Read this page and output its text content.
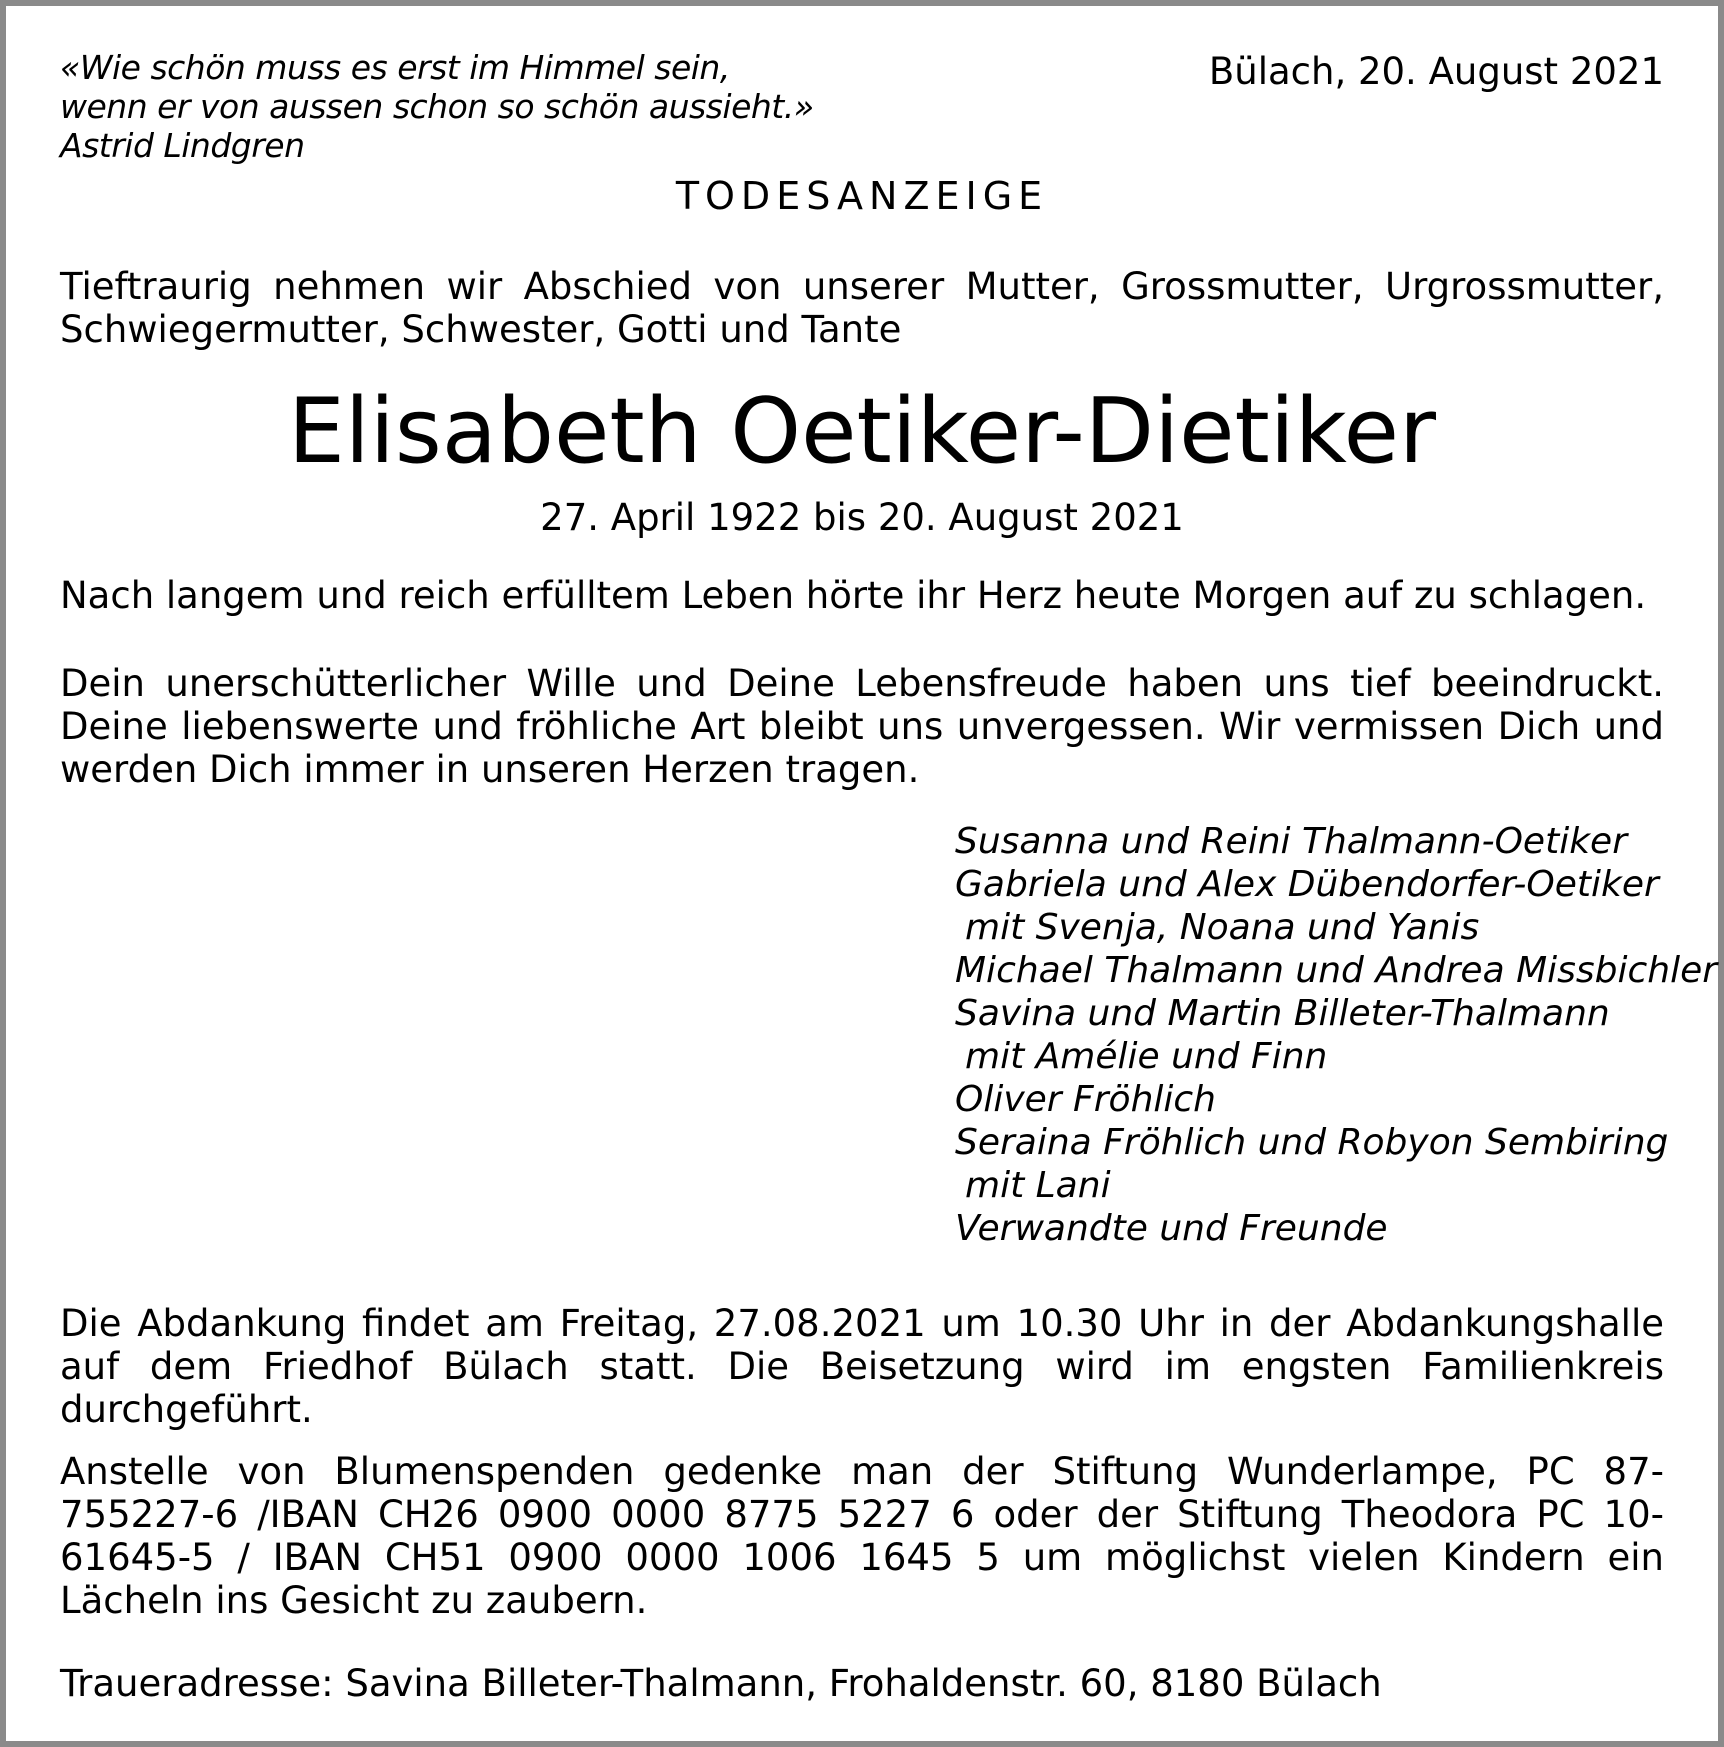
«Wie schön muss es erst im Himmel sein,
wenn er von aussen schon so schön aussieht.»
Astrid Lindgren
Bülach, 20. August 2021
TODESANZEIGE
Tieftraurig nehmen wir Abschied von unserer Mutter, Grossmutter, Urgrossmutter, Schwiegermutter, Schwester, Gotti und Tante
Elisabeth Oetiker-Dietiker
27. April 1922 bis 20. August 2021
Nach langem und reich erfülltem Leben hörte ihr Herz heute Morgen auf zu schlagen.
Dein unerschütterlicher Wille und Deine Lebensfreude haben uns tief beeindruckt. Deine liebenswerte und fröhliche Art bleibt uns unvergessen. Wir vermissen Dich und werden Dich immer in unseren Herzen tragen.
Susanna und Reini Thalmann-Oetiker
Gabriela und Alex Dübendorfer-Oetiker
mit Svenja, Noana und Yanis
Michael Thalmann und Andrea Missbichler
Savina und Martin Billeter-Thalmann
mit Amélie und Finn
Oliver Fröhlich
Seraina Fröhlich und Robyon Sembiring
mit Lani
Verwandte und Freunde
Die Abdankung findet am Freitag, 27.08.2021 um 10.30 Uhr in der Abdankungshalle auf dem Friedhof Bülach statt. Die Beisetzung wird im engsten Familienkreis durchgeführt.
Anstelle von Blumenspenden gedenke man der Stiftung Wunderlampe, PC 87-755227-6 /IBAN CH26 0900 0000 8775 5227 6 oder der Stiftung Theodora PC 10-61645-5 / IBAN CH51 0900 0000 1006 1645 5 um möglichst vielen Kindern ein Lächeln ins Gesicht zu zaubern.
Traueradresse: Savina Billeter-Thalmann, Frohaldenstr. 60, 8180 Bülach
